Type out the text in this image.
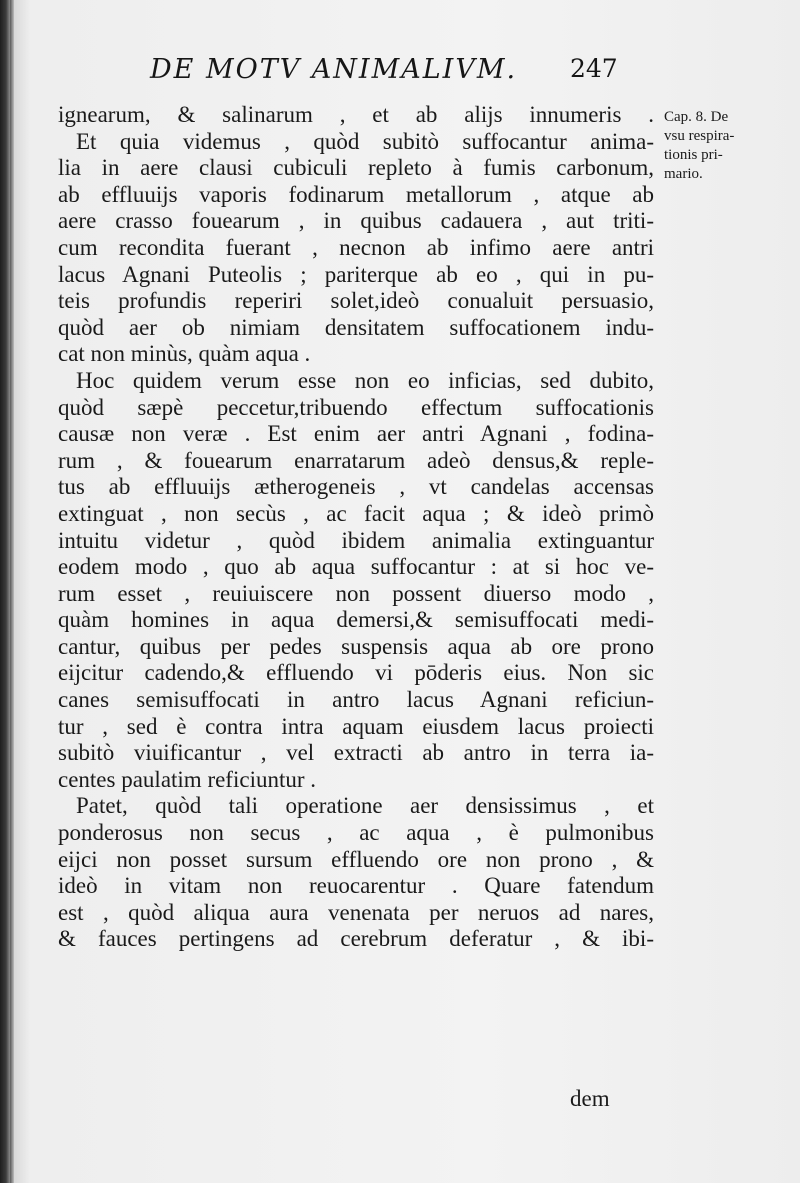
DE MOTV ANIMALIVM. 247
Cap. 8. De
vsu respira-
tionis pri-
mario.
ignearum, & salinarum , et ab alijs innumeris .
Et quia videmus , quòd subitò suffocantur anima-
lia in aere clausi cubiculi repleto à fumis carbonum,
ab effluuijs vaporis fodinarum metallorum , atque ab
aere crasso fouearum , in quibus cadauera , aut triti-
cum recondita fuerant , necnon ab infimo aere antri
lacus Agnani Puteolis ; pariterque ab eo , qui in pu-
teis profundis reperiri solet,ideò conualuit persuasio,
quòd aer ob nimiam densitatem suffocationem indu-
cat non minùs, quàm aqua .
Hoc quidem verum esse non eo inficias, sed dubito,
quòd sæpè peccetur,tribuendo effectum suffocationis
causæ non veræ . Est enim aer antri Agnani , fodina-
rum , & fouearum enarratarum adeò densus,& reple-
tus ab effluuijs ætherogeneis , vt candelas accensas
extinguat , non secùs , ac facit aqua ; & ideò primò
intuitu videtur , quòd ibidem animalia extinguantur
eodem modo , quo ab aqua suffocantur : at si hoc ve-
rum esset , reuiuiscere non possent diuerso modo ,
quàm homines in aqua demersi,& semisuffocati medi-
cantur, quibus per pedes suspensis aqua ab ore prono
eijcitur cadendo,& effluendo vi pōderis eius. Non sic
canes semisuffocati in antro lacus Agnani reficiun-
tur , sed è contra intra aquam eiusdem lacus proiecti
subitò viuificantur , vel extracti ab antro in terra ia-
centes paulatim reficiuntur .
Patet, quòd tali operatione aer densissimus , et
ponderosus non secus , ac aqua , è pulmonibus
eijci non posset sursum effluendo ore non prono , &
ideò in vitam non reuocarentur . Quare fatendum
est , quòd aliqua aura venenata per neruos ad nares,
& fauces pertingens ad cerebrum deferatur , & ibi-
dem
